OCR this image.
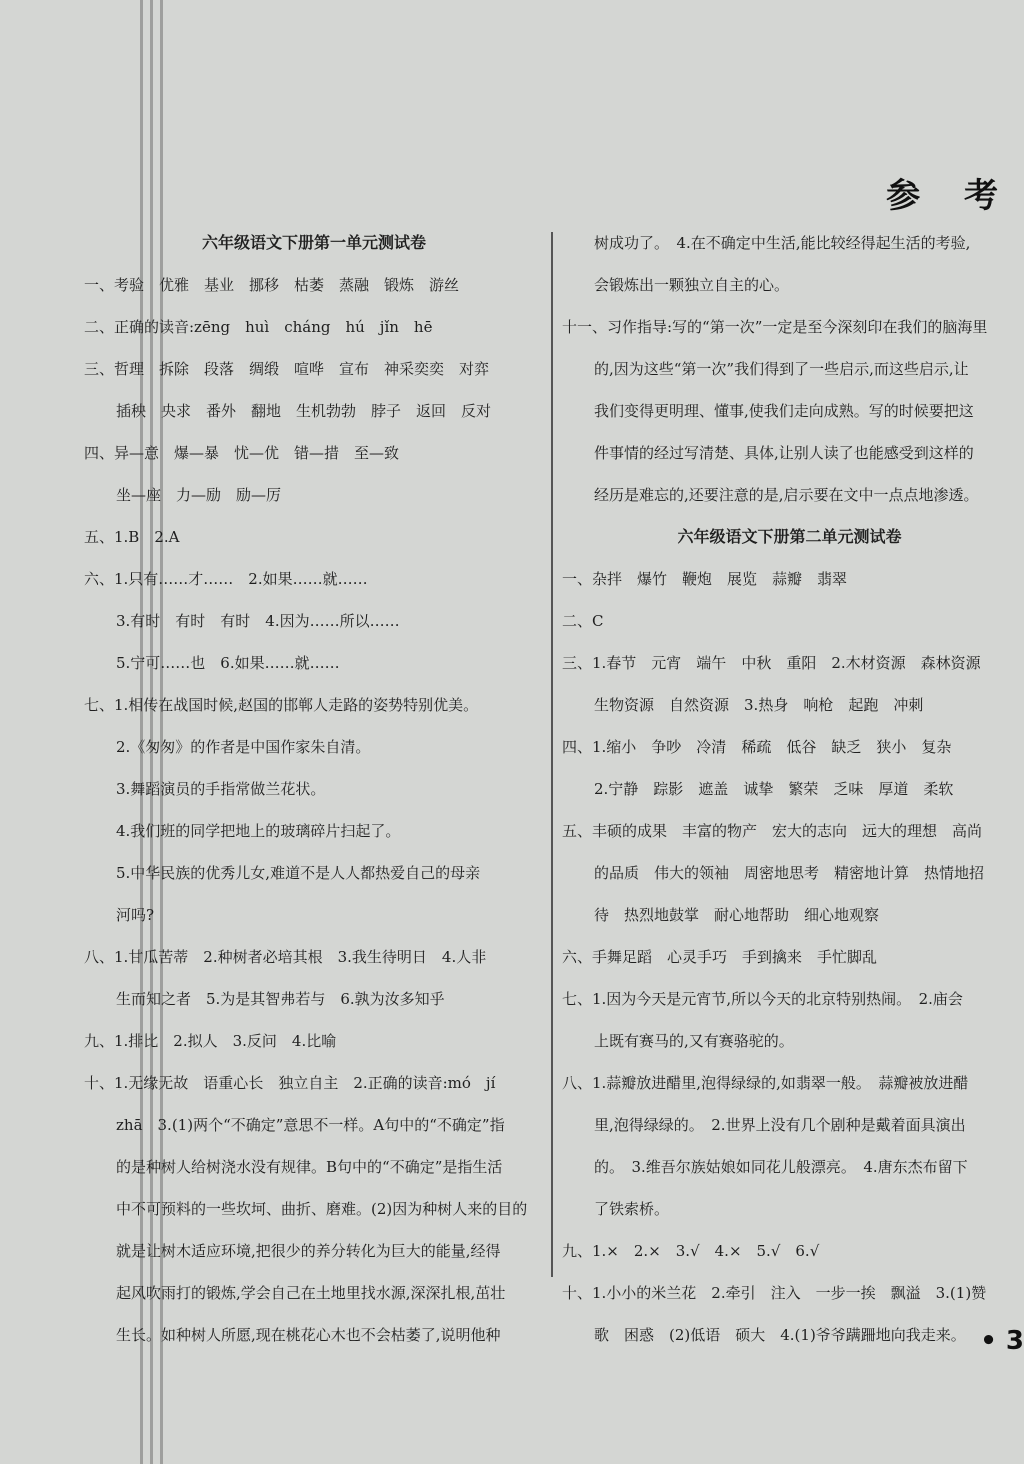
参 考
六年级语文下册第一单元测试卷
一、考验　优雅　基业　挪移　枯萎　蒸融　锻炼　游丝
二、正确的读音:zēng　huì　cháng　hú　jǐn　hē
三、哲理　拆除　段落　绸缎　喧哗　宣布　神采奕奕　对弈
插秧　央求　番外　翻地　生机勃勃　脖子　返回　反对
四、异—意　爆—暴　忧—优　错—措　至—致
坐—座　力—励　励—厉
五、1.B　2.A
六、1.只有……才……　2.如果……就……
3.有时　有时　有时　4.因为……所以……
5.宁可……也　6.如果……就……
七、1.相传在战国时候,赵国的邯郸人走路的姿势特别优美。
2.《匆匆》的作者是中国作家朱自清。
3.舞蹈演员的手指常做兰花状。
4.我们班的同学把地上的玻璃碎片扫起了。
5.中华民族的优秀儿女,难道不是人人都热爱自己的母亲
河吗?
八、1.甘瓜苦蒂　2.种树者必培其根　3.我生待明日　4.人非
生而知之者　5.为是其智弗若与　6.孰为汝多知乎
九、1.排比　2.拟人　3.反问　4.比喻
十、1.无缘无故　语重心长　独立自主　2.正确的读音:mó　jí
zhā　3.(1)两个“不确定”意思不一样。A句中的“不确定”指
的是种树人给树浇水没有规律。B句中的“不确定”是指生活
中不可预料的一些坎坷、曲折、磨难。(2)因为种树人来的目的
就是让树木适应环境,把很少的养分转化为巨大的能量,经得
起风吹雨打的锻炼,学会自己在土地里找水源,深深扎根,茁壮
生长。如种树人所愿,现在桃花心木也不会枯萎了,说明他种
树成功了。　4.在不确定中生活,能比较经得起生活的考验,
会锻炼出一颗独立自主的心。
十一、习作指导:写的“第一次”一定是至今深刻印在我们的脑海里
的,因为这些“第一次”我们得到了一些启示,而这些启示,让
我们变得更明理、懂事,使我们走向成熟。写的时候要把这
件事情的经过写清楚、具体,让别人读了也能感受到这样的
经历是难忘的,还要注意的是,启示要在文中一点点地渗透。
六年级语文下册第二单元测试卷
一、杂拌　爆竹　鞭炮　展览　蒜瓣　翡翠
二、C
三、1.春节　元宵　端午　中秋　重阳　2.木材资源　森林资源
生物资源　自然资源　3.热身　响枪　起跑　冲刺
四、1.缩小　争吵　冷清　稀疏　低谷　缺乏　狭小　复杂
2.宁静　踪影　遮盖　诚挚　繁荣　乏味　厚道　柔软
五、丰硕的成果　丰富的物产　宏大的志向　远大的理想　高尚
的品质　伟大的领袖　周密地思考　精密地计算　热情地招
待　热烈地鼓掌　耐心地帮助　细心地观察
六、手舞足蹈　心灵手巧　手到擒来　手忙脚乱
七、1.因为今天是元宵节,所以今天的北京特别热闹。　2.庙会
上既有赛马的,又有赛骆驼的。
八、1.蒜瓣放进醋里,泡得绿绿的,如翡翠一般。　蒜瓣被放进醋
里,泡得绿绿的。　2.世界上没有几个剧种是戴着面具演出
的。　3.维吾尔族姑娘如同花儿般漂亮。　4.唐东杰布留下
了铁索桥。
九、1.×　2.×　3.√　4.×　5.√　6.√
十、1.小小的米兰花　2.牵引　注入　一步一挨　飘溢　3.(1)赞
歌　困惑　(2)低语　硕大　4.(1)爷爷蹒跚地向我走来。 • 3
